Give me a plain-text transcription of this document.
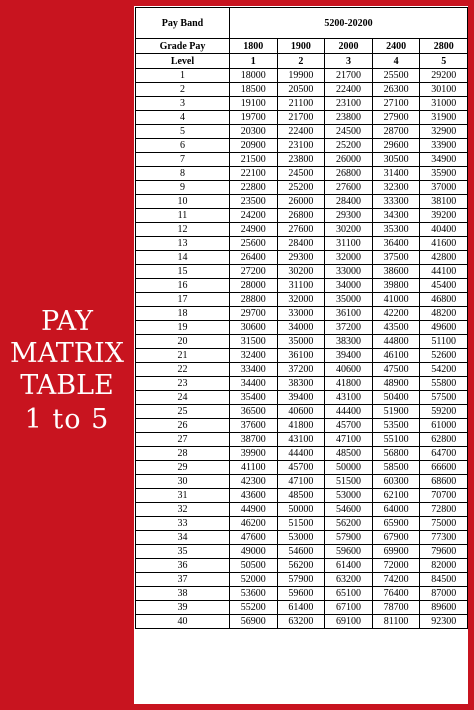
PAY
MATRIX
TABLE
1 to 5
Pay Band	5200-20200				
Grade Pay	1800	1900	2000	2400	2800
Level	1	2	3	4	5
1	18000	19900	21700	25500	29200
2	18500	20500	22400	26300	30100
3	19100	21100	23100	27100	31000
4	19700	21700	23800	27900	31900
5	20300	22400	24500	28700	32900
6	20900	23100	25200	29600	33900
7	21500	23800	26000	30500	34900
8	22100	24500	26800	31400	35900
9	22800	25200	27600	32300	37000
10	23500	26000	28400	33300	38100
11	24200	26800	29300	34300	39200
12	24900	27600	30200	35300	40400
13	25600	28400	31100	36400	41600
14	26400	29300	32000	37500	42800
15	27200	30200	33000	38600	44100
16	28000	31100	34000	39800	45400
17	28800	32000	35000	41000	46800
18	29700	33000	36100	42200	48200
19	30600	34000	37200	43500	49600
20	31500	35000	38300	44800	51100
21	32400	36100	39400	46100	52600
22	33400	37200	40600	47500	54200
23	34400	38300	41800	48900	55800
24	35400	39400	43100	50400	57500
25	36500	40600	44400	51900	59200
26	37600	41800	45700	53500	61000
27	38700	43100	47100	55100	62800
28	39900	44400	48500	56800	64700
29	41100	45700	50000	58500	66600
30	42300	47100	51500	60300	68600
31	43600	48500	53000	62100	70700
32	44900	50000	54600	64000	72800
33	46200	51500	56200	65900	75000
34	47600	53000	57900	67900	77300
35	49000	54600	59600	69900	79600
36	50500	56200	61400	72000	82000
37	52000	57900	63200	74200	84500
38	53600	59600	65100	76400	87000
39	55200	61400	67100	78700	89600
40	56900	63200	69100	81100	92300
